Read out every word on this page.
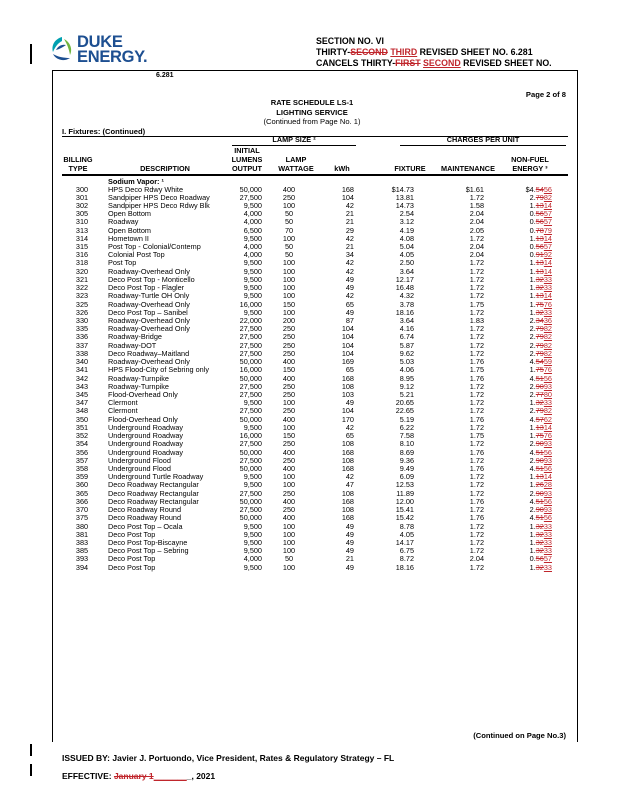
DUKE
ENERGY.
SECTION NO. VI
THIRTY-SECOND THIRD REVISED SHEET NO. 6.281
CANCELS THIRTY-FIRST SECOND REVISED SHEET NO.
6.281
Page 2 of 8
RATE SCHEDULE LS-1
LIGHTING SERVICE
(Continued from Page No. 1)
I. Fixtures: (Continued)
LAMP SIZE ²	CHARGES PER UNIT
INITIAL
BILLING	LUMENS	LAMP	NON-FUEL
TYPE	DESCRIPTION	OUTPUT	WATTAGE	kWh	FIXTURE	MAINTENANCE	ENERGY ³
Sodium Vapor: ¹
300	HPS Deco Rdwy White	50,000	400	168	$14.73	$1.61	$4.5456
301	Sandpiper HPS Deco Roadway	27,500	250	104	13.81	1.72	2.7982
302	Sandpiper HPS Deco Rdwy Blk	9,500	100	42	14.73	1.58	1.1314
305	Open Bottom	4,000	50	21	2.54	2.04	0.5657
310	Roadway	4,000	50	21	3.12	2.04	0.5657
313	Open Bottom	6,500	70	29	4.19	2.05	0.7879
314	Hometown II	9,500	100	42	4.08	1.72	1.1314
315	Post Top - Colonial/Contemp	4,000	50	21	5.04	2.04	0.5657
316	Colonial Post Top	4,000	50	34	4.05	2.04	0.9192
318	Post Top	9,500	100	42	2.50	1.72	1.1314
320	Roadway-Overhead Only	9,500	100	42	3.64	1.72	1.1314
321	Deco Post Top - Monticello	9,500	100	49	12.17	1.72	1.3233
322	Deco Post Top - Flagler	9,500	100	49	16.48	1.72	1.3233
323	Roadway-Turtle OH Only	9,500	100	42	4.32	1.72	1.1314
325	Roadway-Overhead Only	16,000	150	65	3.78	1.75	1.7576
326	Deco Post Top – Sanibel	9,500	100	49	18.16	1.72	1.3233
330	Roadway-Overhead Only	22,000	200	87	3.64	1.83	2.3436
335	Roadway-Overhead Only	27,500	250	104	4.16	1.72	2.7982
336	Roadway-Bridge	27,500	250	104	6.74	1.72	2.7982
337	Roadway-DOT	27,500	250	104	5.87	1.72	2.7982
338	Deco Roadway–Maitland	27,500	250	104	9.62	1.72	2.7982
340	Roadway-Overhead Only	50,000	400	169	5.03	1.76	4.5459
341	HPS Flood-City of Sebring only	16,000	150	65	4.06	1.75	1.7576
342	Roadway-Turnpike	50,000	400	168	8.95	1.76	4.5156
343	Roadway-Turnpike	27,500	250	108	9.12	1.72	2.9093
345	Flood-Overhead Only	27,500	250	103	5.21	1.72	2.7780
347	Clermont	9,500	100	49	20.65	1.72	1.3233
348	Clermont	27,500	250	104	22.65	1.72	2.7982
350	Flood-Overhead Only	50,000	400	170	5.19	1.76	4.5762
351	Underground Roadway	9,500	100	42	6.22	1.72	1.1314
352	Underground Roadway	16,000	150	65	7.58	1.75	1.7576
354	Underground Roadway	27,500	250	108	8.10	1.72	2.9093
356	Underground Roadway	50,000	400	168	8.69	1.76	4.5156
357	Underground Flood	27,500	250	108	9.36	1.72	2.9093
358	Underground Flood	50,000	400	168	9.49	1.76	4.5156
359	Underground Turtle Roadway	9,500	100	42	6.09	1.72	1.1314
360	Deco Roadway Rectangular	9,500	100	47	12.53	1.72	1.2628
365	Deco Roadway Rectangular	27,500	250	108	11.89	1.72	2.9093
366	Deco Roadway Rectangular	50,000	400	168	12.00	1.76	4.5156
370	Deco Roadway Round	27,500	250	108	15.41	1.72	2.9093
375	Deco Roadway Round	50,000	400	168	15.42	1.76	4.5156
380	Deco Post Top – Ocala	9,500	100	49	8.78	1.72	1.3233
381	Deco Post Top	9,500	100	49	4.05	1.72	1.3233
383	Deco Post Top-Biscayne	9,500	100	49	14.17	1.72	1.3233
385	Deco Post Top – Sebring	9,500	100	49	6.75	1.72	1.3233
393	Deco Post Top	4,000	50	21	8.72	2.04	0.5657
394	Deco Post Top	9,500	100	49	18.16	1.72	1.3233
(Continued on Page No.3)
ISSUED BY: Javier J. Portuondo, Vice President, Rates & Regulatory Strategy – FL
EFFECTIVE: January 1________, 2021
